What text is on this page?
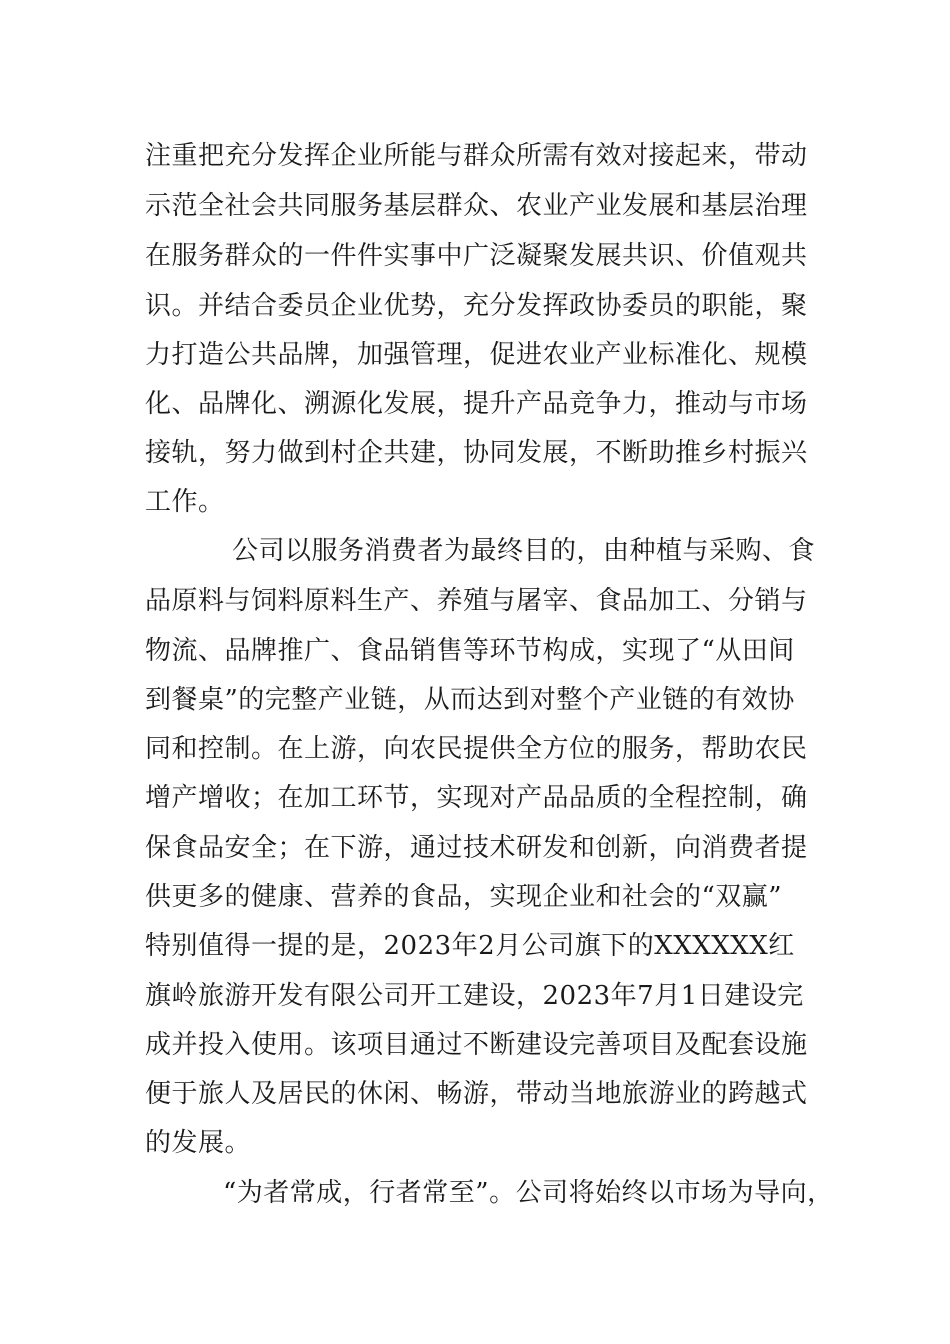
注重把充分发挥企业所能与群众所需有效对接起来，带动
示范全社会共同服务基层群众、农业产业发展和基层治理
在服务群众的一件件实事中广泛凝聚发展共识、价值观共
识。并结合委员企业优势，充分发挥政协委员的职能，聚
力打造公共品牌，加强管理，促进农业产业标准化、规模
化、品牌化、溯源化发展，提升产品竞争力，推动与市场
接轨，努力做到村企共建，协同发展，不断助推乡村振兴
工作。
公司以服务消费者为最终目的，由种植与采购、食
品原料与饲料原料生产、养殖与屠宰、食品加工、分销与
物流、品牌推广、食品销售等环节构成，实现了“从田间
到餐桌”的完整产业链，从而达到对整个产业链的有效协
同和控制。在上游，向农民提供全方位的服务，帮助农民
增产增收；在加工环节，实现对产品品质的全程控制，确
保食品安全；在下游，通过技术研发和创新，向消费者提
供更多的健康、营养的食品，实现企业和社会的“双赢”
特别值得一提的是，2023年2月公司旗下的XXXXXX红
旗岭旅游开发有限公司开工建设，2023年7月1日建设完
成并投入使用。该项目通过不断建设完善项目及配套设施
便于旅人及居民的休闲、畅游，带动当地旅游业的跨越式
的发展。
“为者常成，行者常至”。公司将始终以市场为导向，
